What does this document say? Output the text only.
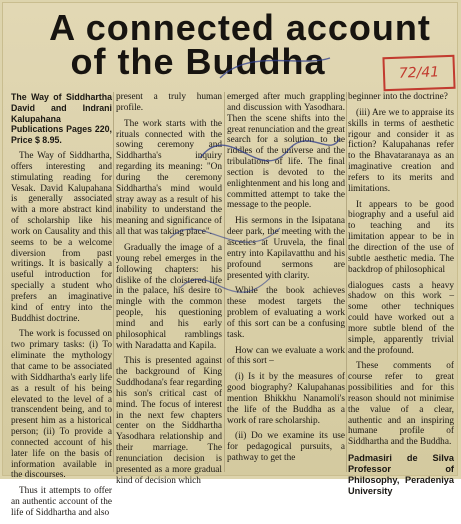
A connected account
of the Buddha	72/41
The Way of Siddhartha David and Indrani Kalupahana Publications Pages 220, Price $ 8.95.

The Way of Siddhartha, offers interesting and stimulating reading for Vesak. David Kalupahana is generally associated with a more abstract kind of scholarship like his work on Causality and this seems to be a welcome diversion from past writings. It is basically a useful introduction for specially a student who prefers an imaginative kind of entry into the Buddhist doctrine.

The work is focussed on two primary tasks: (i) To eliminate the mythology that came to be associated with Siddhartha's early life as a result of his being elevated to the level of a transcendent being, and to present him as a historical person; (ii) To provide a connected account of his later life on the basis of information available in the discourses.

Thus it attempts to offer an authentic account of the life of Siddhartha and also

present a truly human profile.

The work starts with the rituals connected with the sowing ceremony and Siddhartha's inquiry regarding its meaning: "On during the ceremony Siddhartha's mind would stray away as a result of his inability to understand the meaning and significance of all that was taking place".

Gradually the image of a young rebel emerges in the following chapters: his dislike of the cloistered life in the palace, his desire to mingle with the common people, his questioning mind and his early philosophical ramblings with Naradatta and Kapila.

This is presented against the background of King Suddhodana's fear regarding his son's critical cast of mind. The focus of interest in the next few chapters center on the Siddhartha Yasodhara relationship and their marriage. The renunciation decision is presented as a more gradual kind of decision which

emerged after much grappling and discussion with Yasodhara. Then the scene shifts into the great renunciation and the great search for a solution to the riddles of the universe and the tribulations of life. The final section is devoted to the enlightenment and his long and committed attempt to take the message to the people.

His sermons in the Isipatana deer park, the meeting with the ascetics at Uruvela, the final entry into Kapilavatthu and his profound sermons are presented with clarity.

While the book achieves these modest targets the problem of evaluating a work of this sort can be a confusing task.

How can we evaluate a work of this sort –

(i) Is it by the measures of good biography? Kalupahanas mention Bhikkhu Nanamoli's the life of the Buddha as a work of rare scholarship.

(ii) Do we examine its use for pedagogical pursuits, a pathway to get the

beginner into the doctrine?

(iii) Are we to appraise its skills in terms of aesthetic rigour and consider it as fiction? Kalupahanas refer to the Bhavataranaya as an imaginative creation and refers to its merits and limitations.

It appears to be good biography and a useful aid to teaching and its limitation appear to be in the direction of the use of subtle aesthetic media. The backdrop of philosophical

dialogues casts a heavy shadow on this work – some other techniques could have worked out a more subtle blend of the simple, apparently trivial and the profound.

These comments of course refer to great possibilities and for this reason should not minimise the value of a clear, authentic and an inspiring humane profile of Siddhartha and the Buddha.

Padmasiri de Silva Professor of Philosophy, Peradeniya University
